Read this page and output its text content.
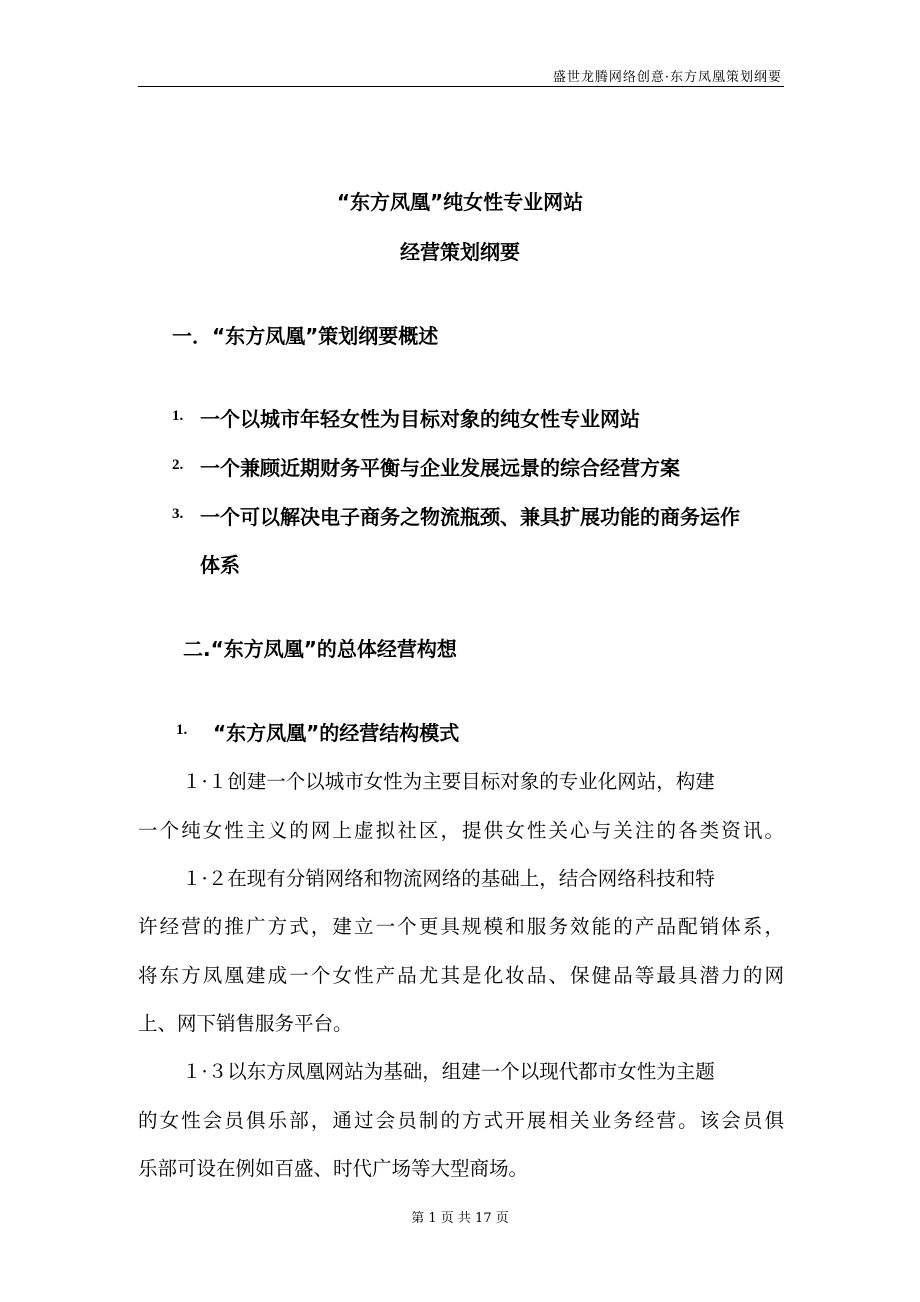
盛世龙腾网络创意·东方凤凰策划纲要
“东方凤凰”纯女性专业网站
经营策划纲要
一．“东方凤凰”策划纲要概述
1. 一个以城市年轻女性为目标对象的纯女性专业网站
2. 一个兼顾近期财务平衡与企业发展远景的综合经营方案
3. 一个可以解决电子商务之物流瓶颈、兼具扩展功能的商务运作
体系
二.“东方凤凰”的总体经营构想
1. “东方凤凰”的经营结构模式
１·１创建一个以城市女性为主要目标对象的专业化网站，构建
一个纯女性主义的网上虚拟社区，提供女性关心与关注的各类资讯。
１·２在现有分销网络和物流网络的基础上，结合网络科技和特
许经营的推广方式，建立一个更具规模和服务效能的产品配销体系，
将东方凤凰建成一个女性产品尤其是化妆品、保健品等最具潜力的网
上、网下销售服务平台。
１·３以东方凤凰网站为基础，组建一个以现代都市女性为主题
的女性会员俱乐部，通过会员制的方式开展相关业务经营。该会员俱
乐部可设在例如百盛、时代广场等大型商场。
第 1 页 共 17 页
